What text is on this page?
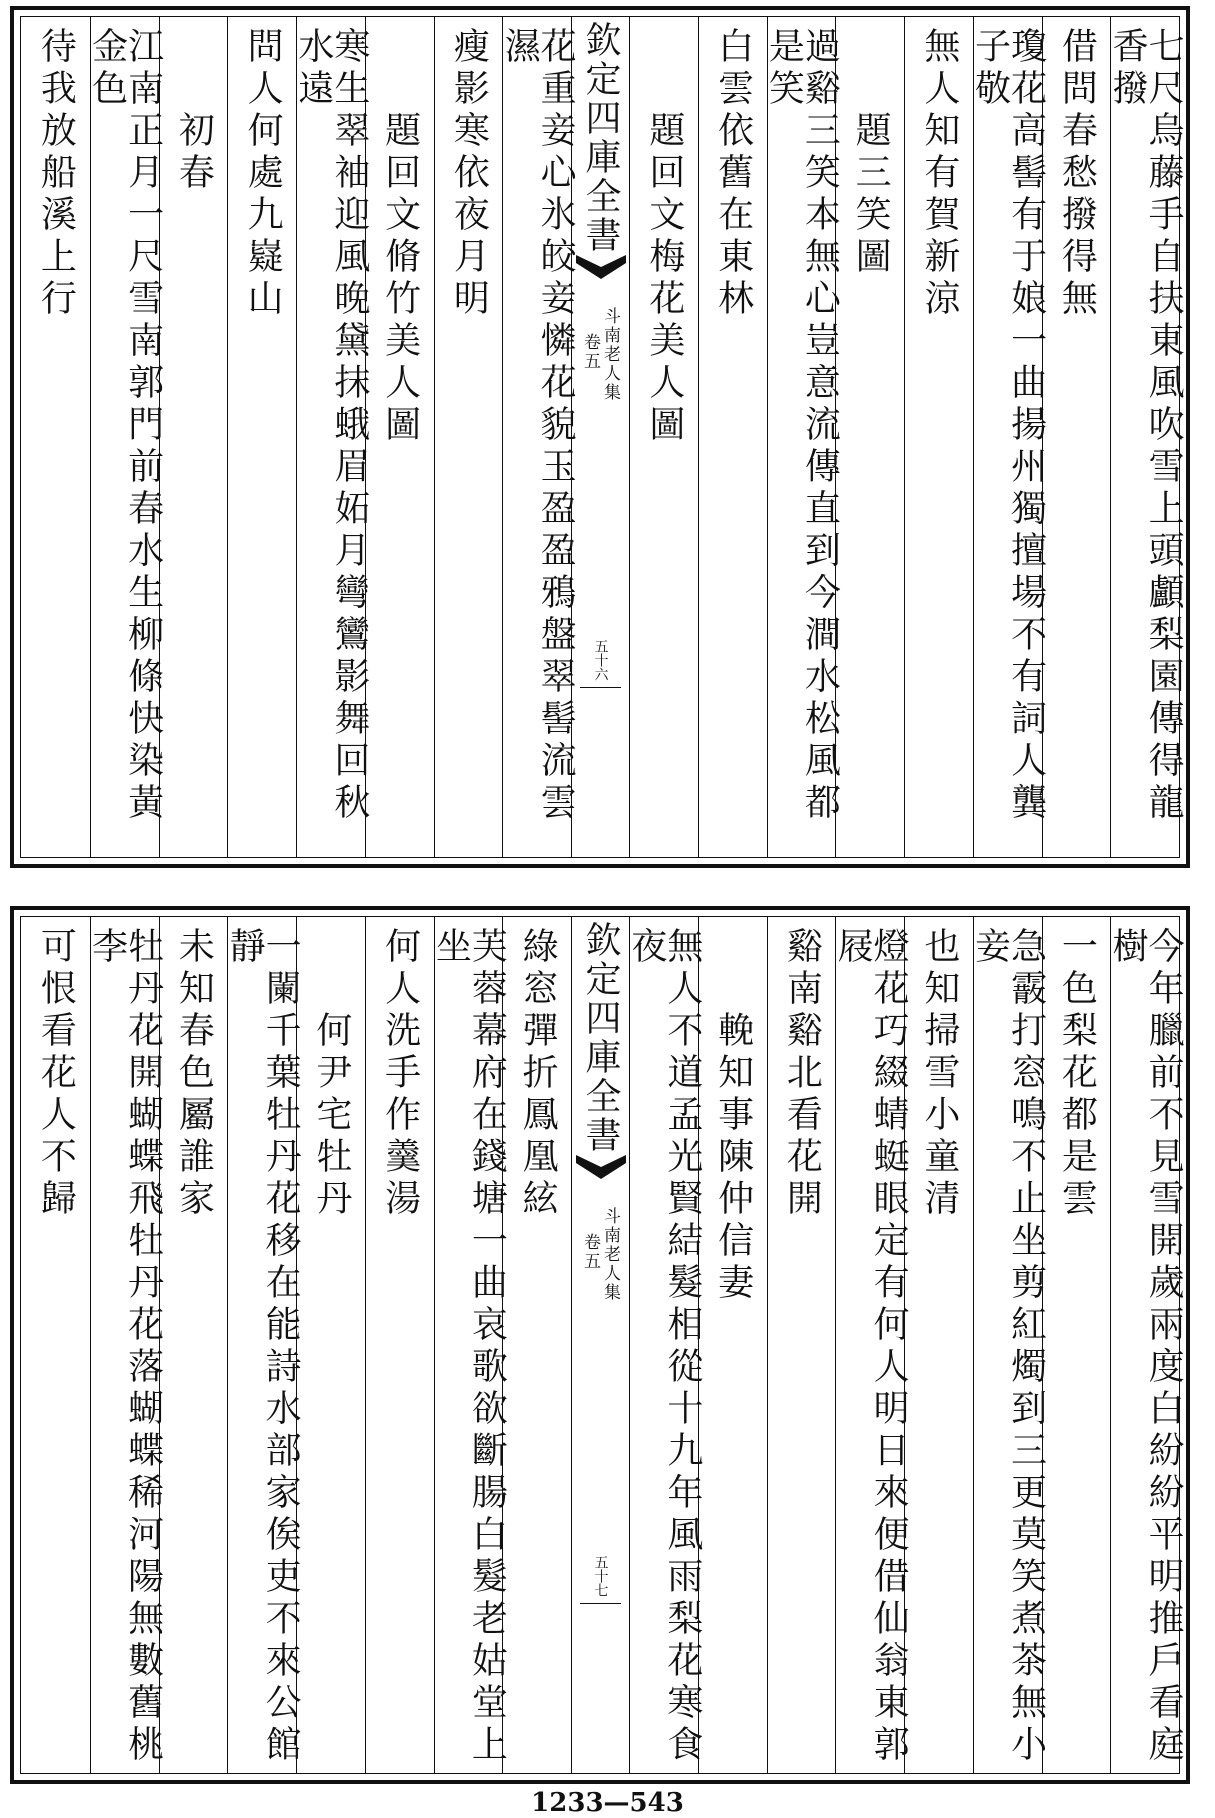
七尺烏藤手自扶東風吹雪上頭顱梨園傳得龍香撥
借問春愁撥得無
瓊花高髻有于娘一曲揚州獨擅場不有詞人龔子敬
無人知有賀新涼
題三笑圖
過谿三笑本無心豈意流傳直到今澗水松風都是笑
白雲依舊在東林
題回文梅花美人圖
欽定四庫全書
斗南老人集
卷五
五十六
花重妾心氷皎妾憐花貌玉盈盈鴉盤翠髻流雲濕
瘦影寒依夜月明
題回文脩竹美人圖
寒生翠袖迎風晚黛抹蛾眉妬月彎鸞影舞回秋水遠
問人何處九嶷山
初春
江南正月一尺雪南郭門前春水生柳條快染黃金色
待我放船溪上行
今年臘前不見雪開歲兩度白紛紛平明推戶看庭樹
一色梨花都是雲
急霰打窓鳴不止坐剪紅燭到三更莫笑煮茶無小妾
也知掃雪小童清
燈花巧綴蜻蜓眼定有何人明日來便借仙翁東郭屐
谿南谿北看花開
輓知事陳仲信妻
無人不道孟光賢結髮相從十九年風雨梨花寒食夜
欽定四庫全書
斗南老人集
卷五
五十七
綠窓彈折鳳凰絃
芙蓉幕府在錢塘一曲哀歌欲斷腸白髮老姑堂上坐
何人洗手作羹湯
何尹宅牡丹
一闌千葉牡丹花移在能詩水部家俟吏不來公館靜
未知春色屬誰家
牡丹花開蝴蝶飛牡丹花落蝴蝶稀河陽無數舊桃李
可恨看花人不歸
1233—543
